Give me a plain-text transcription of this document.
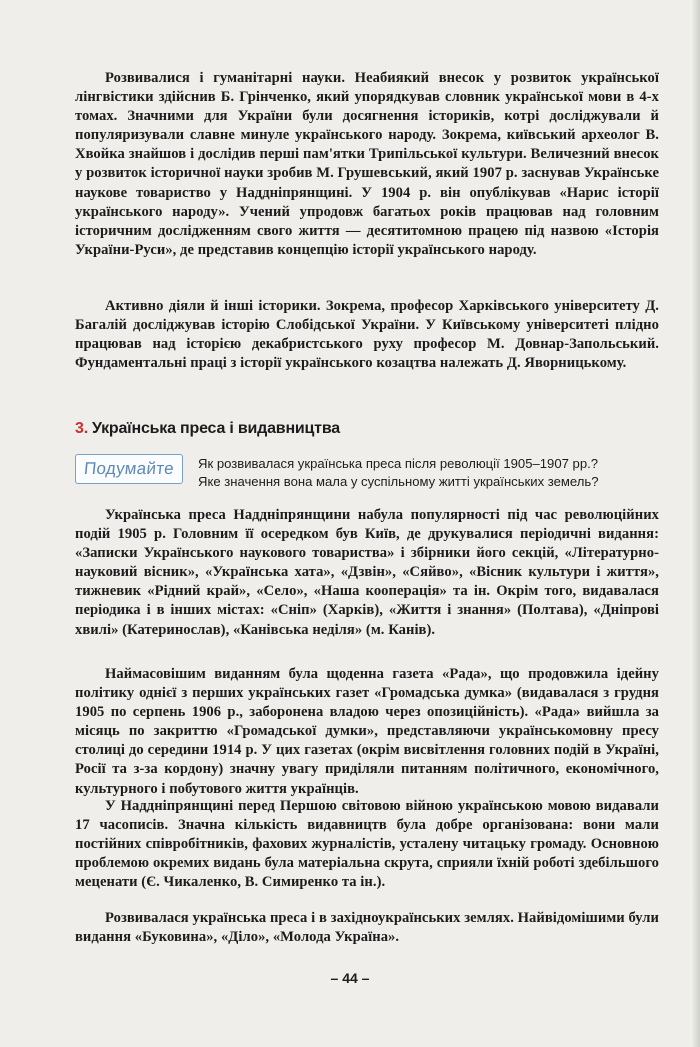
Розвивалися і гуманітарні науки. Неабиякий внесок у розвиток української лінгвістики здійснив Б. Грінченко, який упорядкував словник української мови в 4-х томах. Значними для України були досягнення істориків, котрі досліджували й популяризували славне минуле українського народу. Зокрема, київський археолог В. Хвойка знайшов і дослідив перші пам'ятки Трипільської культури. Величезний внесок у розвиток історичної науки зробив М. Грушевський, який 1907 р. заснував Українське наукове товариство у Наддніпрянщині. У 1904 р. він опублікував «Нарис історії українського народу». Учений упродовж багатьох років працював над головним історичним дослідженням свого життя — десятитомною працею під назвою «Історія України-Руси», де представив концепцію історії українського народу.

Активно діяли й інші історики. Зокрема, професор Харківського університету Д. Багалій досліджував історію Слобідської України. У Київському університеті плідно працював над історією декабристського руху професор М. Довнар-Запольський. Фундаментальні праці з історії українського козацтва належать Д. Яворницькому.

3. Українська преса і видавництва
Подумайте Як розвивалася українська преса після революції 1905–1907 рр.?
Яке значення вона мала у суспільному житті українських земель?

Українська преса Наддніпрянщини набула популярності під час революційних подій 1905 р. Головним її осередком був Київ, де друкувалися періодичні видання: «Записки Українського наукового товариства» і збірники його секцій, «Літературно-науковий вісник», «Українська хата», «Дзвін», «Сяйво», «Вісник культури і життя», тижневик «Рідний край», «Село», «Наша кооперація» та ін. Окрім того, видавалася періодика і в інших містах: «Сніп» (Харків), «Життя і знання» (Полтава), «Дніпрові хвилі» (Катеринослав), «Канівська неділя» (м. Канів).

Наймасовішим виданням була щоденна газета «Рада», що продовжила ідейну політику однієї з перших українських газет «Громадська думка» (видавалася з грудня 1905 по серпень 1906 р., заборонена владою через опозиційність). «Рада» вийшла за місяць по закриттю «Громадської думки», представляючи українськомовну пресу столиці до середини 1914 р. У цих газетах (окрім висвітлення головних подій в Україні, Росії та з-за кордону) значну увагу приділяли питанням політичного, економічного, культурного і побутового життя українців.

У Наддніпрянщині перед Першою світовою війною українською мовою видавали 17 часописів. Значна кількість видавництв була добре організована: вони мали постійних співробітників, фахових журналістів, усталену читацьку громаду. Основною проблемою окремих видань була матеріальна скрута, сприяли їхній роботі здебільшого меценати (Є. Чикаленко, В. Симиренко та ін.).

Розвивалася українська преса і в західноукраїнських землях. Найвідомішими були видання «Буковина», «Діло», «Молода Україна».

– 44 –
